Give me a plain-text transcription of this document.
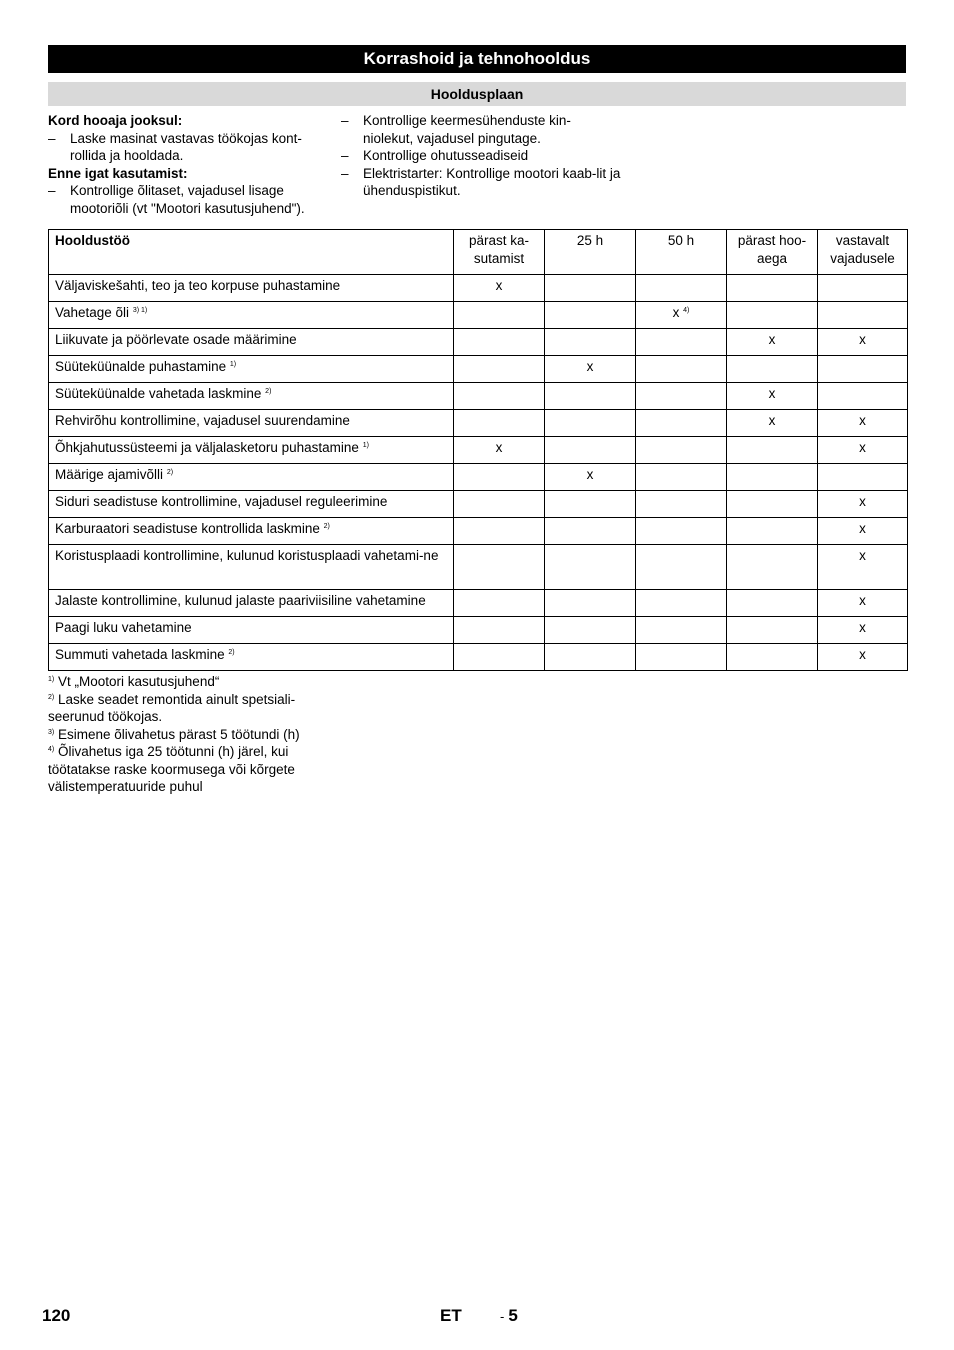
Korrashoid ja tehnohooldus
Hooldusplaan
Kord hooaja jooksul:
– Laske masinat vastavas töökojas kont-rollida ja hooldada.
Enne igat kasutamist:
– Kontrollige õlitaset, vajadusel lisage mootoriõli (vt "Mootori kasutusjuhend").
– Kontrollige keermesühenduste kin-niolekut, vajadusel pingutage.
– Kontrollige ohutusseadiseid
– Elektristarter: Kontrollige mootori kaab-lit ja ühenduspistikut.
Hooldustöö	pärast ka-sutamist	25 h	50 h	pärast hoo-aega	vastavalt vajadusele
Väljaviskešahti, teo ja teo korpuse puhastamine	x				
Vahetage õli $^{3) 1)}$			x $^{4)}$		
Liikuvate ja pöörlevate osade määrimine				x	x
Süüteküünalde puhastamine $^{1)}$		x			
Süüteküünalde vahetada laskmine $^{2)}$				x	
Rehvirõhu kontrollimine, vajadusel suurendamine				x	x
Õhkjahutussüsteemi ja väljalasketoru puhastamine $^{1)}$	x				x
Määrige ajamivõlli $^{2)}$		x			
Siduri seadistuse kontrollimine, vajadusel reguleerimine					x
Karburaatori seadistuse kontrollida laskmine $^{2)}$					x
Koristusplaadi kontrollimine, kulunud koristusplaadi vahetami-ne					x
Jalaste kontrollimine, kulunud jalaste paariviisiline vahetamine					x
Paagi luku vahetamine					x
Summuti vahetada laskmine $^{2)}$					x

$^{1)}$ Vt „Mootori kasutusjuhend“

$^{2)}$ Laske seadet remontida ainult spetsiali-seerunud töökojas.

$^{3)}$ Esimene õlivahetus pärast 5 töötundi (h)

$^{4)}$ Õlivahetus iga 25 töötunni (h) järel, kui töötatakse raske koormusega või kõrgete välistemperatuuride puhul

120	ET	- 5
